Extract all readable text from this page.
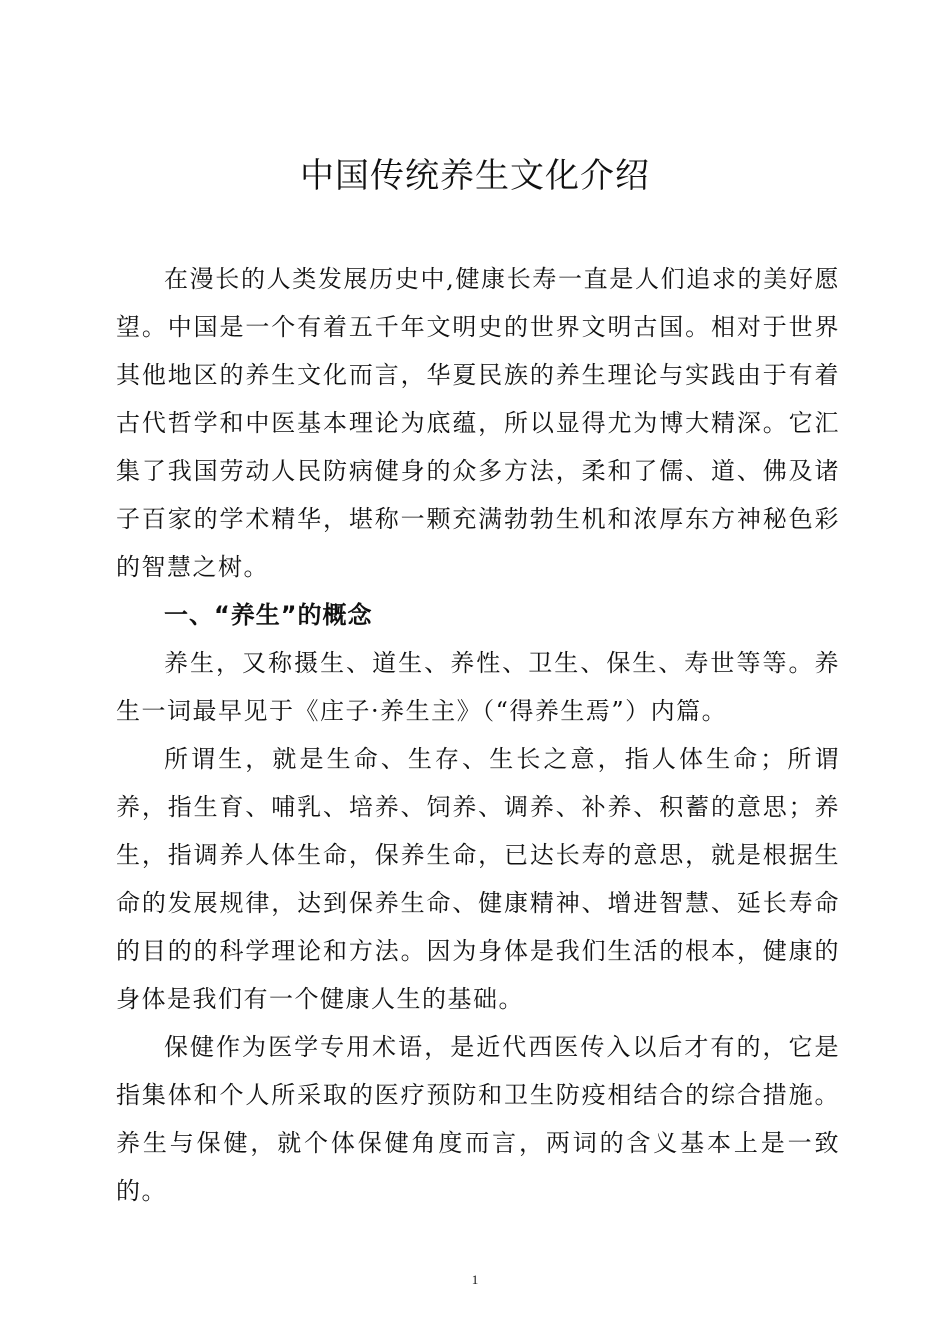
中国传统养生文化介绍

在漫长的人类发展历史中,健康长寿一直是人们追求的美好愿望。中国是一个有着五千年文明史的世界文明古国。相对于世界其他地区的养生文化而言，华夏民族的养生理论与实践由于有着古代哲学和中医基本理论为底蕴，所以显得尤为博大精深。它汇集了我国劳动人民防病健身的众多方法，柔和了儒、道、佛及诸子百家的学术精华，堪称一颗充满勃勃生机和浓厚东方神秘色彩的智慧之树。

一、“养生”的概念

养生，又称摄生、道生、养性、卫生、保生、寿世等等。养生一词最早见于《庄子·养生主》（“得养生焉”）内篇。

所谓生，就是生命、生存、生长之意，指人体生命；所谓养，指生育、哺乳、培养、饲养、调养、补养、积蓄的意思；养生，指调养人体生命，保养生命，已达长寿的意思，就是根据生命的发展规律，达到保养生命、健康精神、增进智慧、延长寿命的目的的科学理论和方法。因为身体是我们生活的根本，健康的身体是我们有一个健康人生的基础。

保健作为医学专用术语，是近代西医传入以后才有的，它是指集体和个人所采取的医疗预防和卫生防疫相结合的综合措施。养生与保健，就个体保健角度而言，两词的含义基本上是一致的。

1
